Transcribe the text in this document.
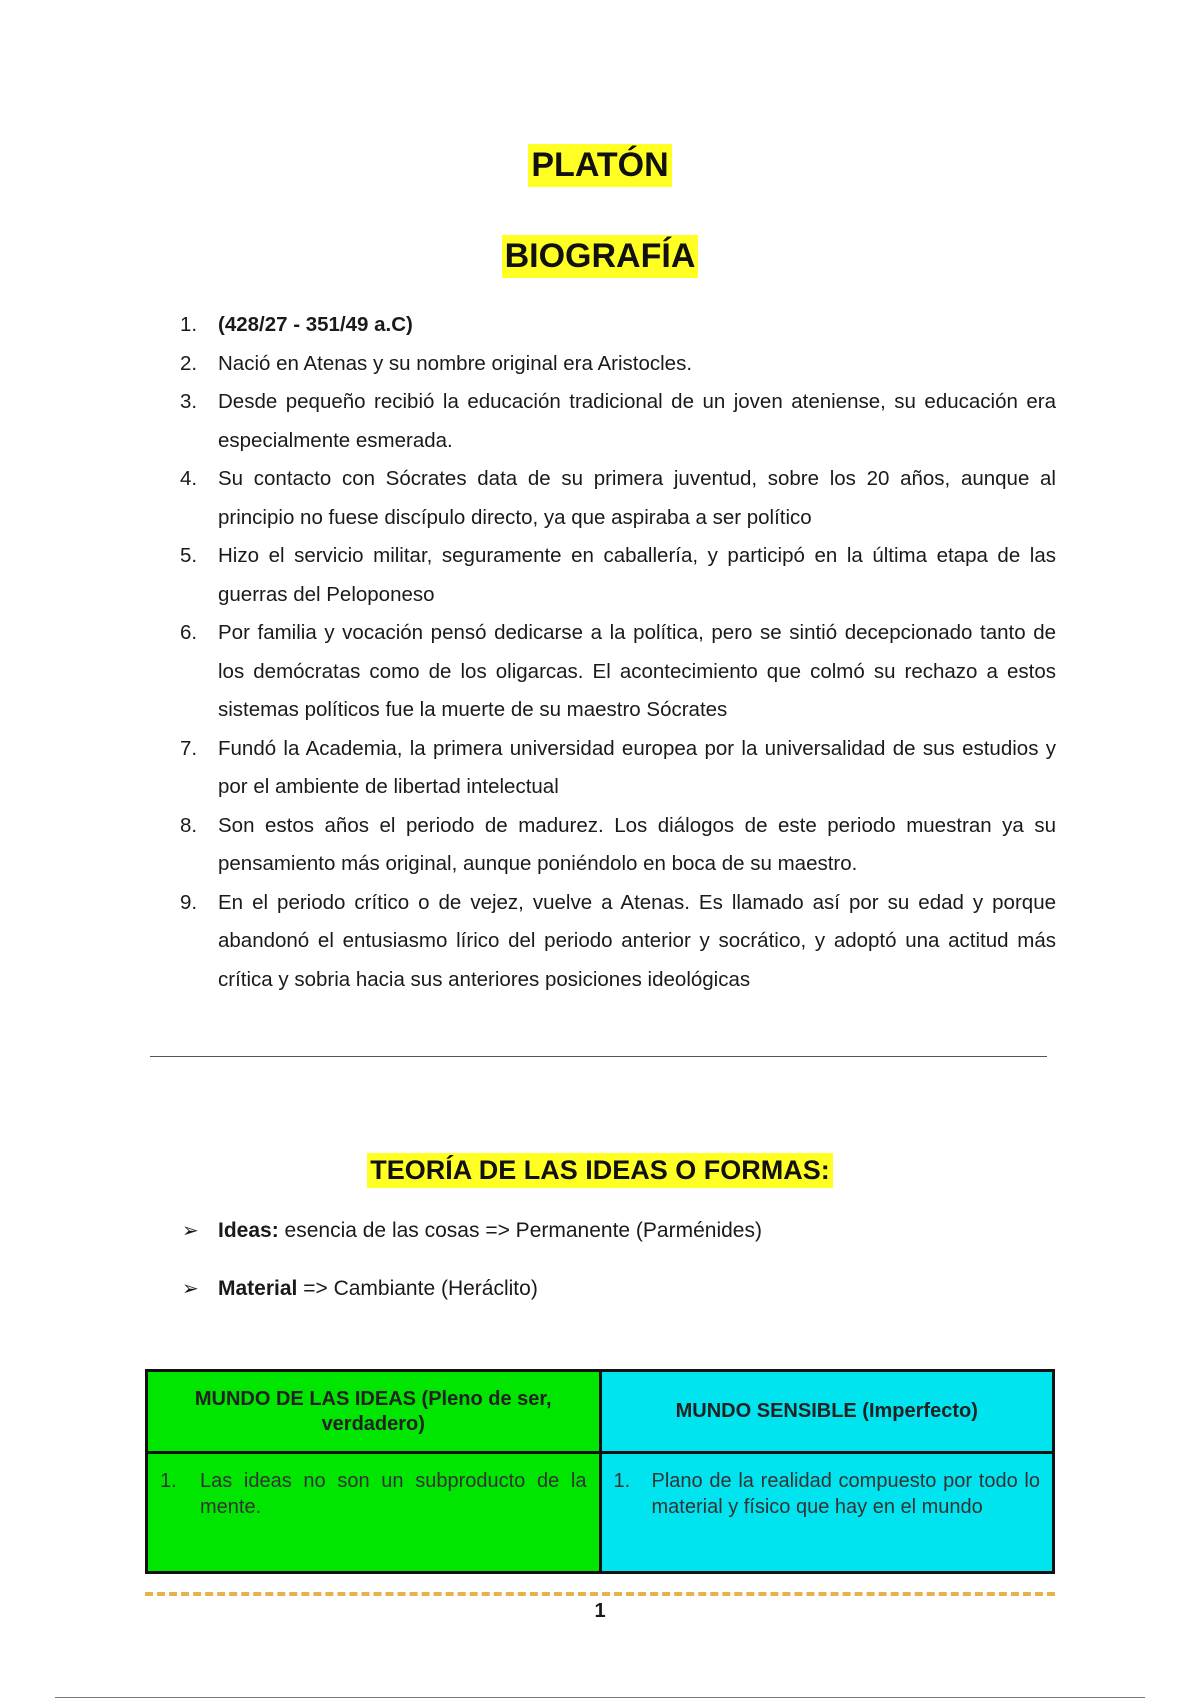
PLATÓN
BIOGRAFÍA
1. (428/27 - 351/49 a.C)
2. Nació en Atenas y su nombre original era Aristocles.
3. Desde pequeño recibió la educación tradicional de un joven ateniense, su educación era especialmente esmerada.
4. Su contacto con Sócrates data de su primera juventud, sobre los 20 años, aunque al principio no fuese discípulo directo, ya que aspiraba a ser político
5. Hizo el servicio militar, seguramente en caballería, y participó en la última etapa de las guerras del Peloponeso
6. Por familia y vocación pensó dedicarse a la política, pero se sintió decepcionado tanto de los demócratas como de los oligarcas. El acontecimiento que colmó su rechazo a estos sistemas políticos fue la muerte de su maestro Sócrates
7. Fundó la Academia, la primera universidad europea por la universalidad de sus estudios y por el ambiente de libertad intelectual
8. Son estos años el periodo de madurez. Los diálogos de este periodo muestran ya su pensamiento más original, aunque poniéndolo en boca de su maestro.
9. En el periodo crítico o de vejez, vuelve a Atenas. Es llamado así por su edad y porque abandonó el entusiasmo lírico del periodo anterior y socrático, y adoptó una actitud más crítica y sobria hacia sus anteriores posiciones ideológicas
TEORÍA DE LAS IDEAS O FORMAS:
➢ Ideas: esencia de las cosas => Permanente (Parménides)
➢ Material => Cambiante (Heráclito)
MUNDO DE LAS IDEAS (Pleno de ser, verdadero)	MUNDO SENSIBLE (Imperfecto)

1. Las ideas no son un subproducto de la mente.	1. Plano de la realidad compuesto por todo lo material y físico que hay en el mundo
1
